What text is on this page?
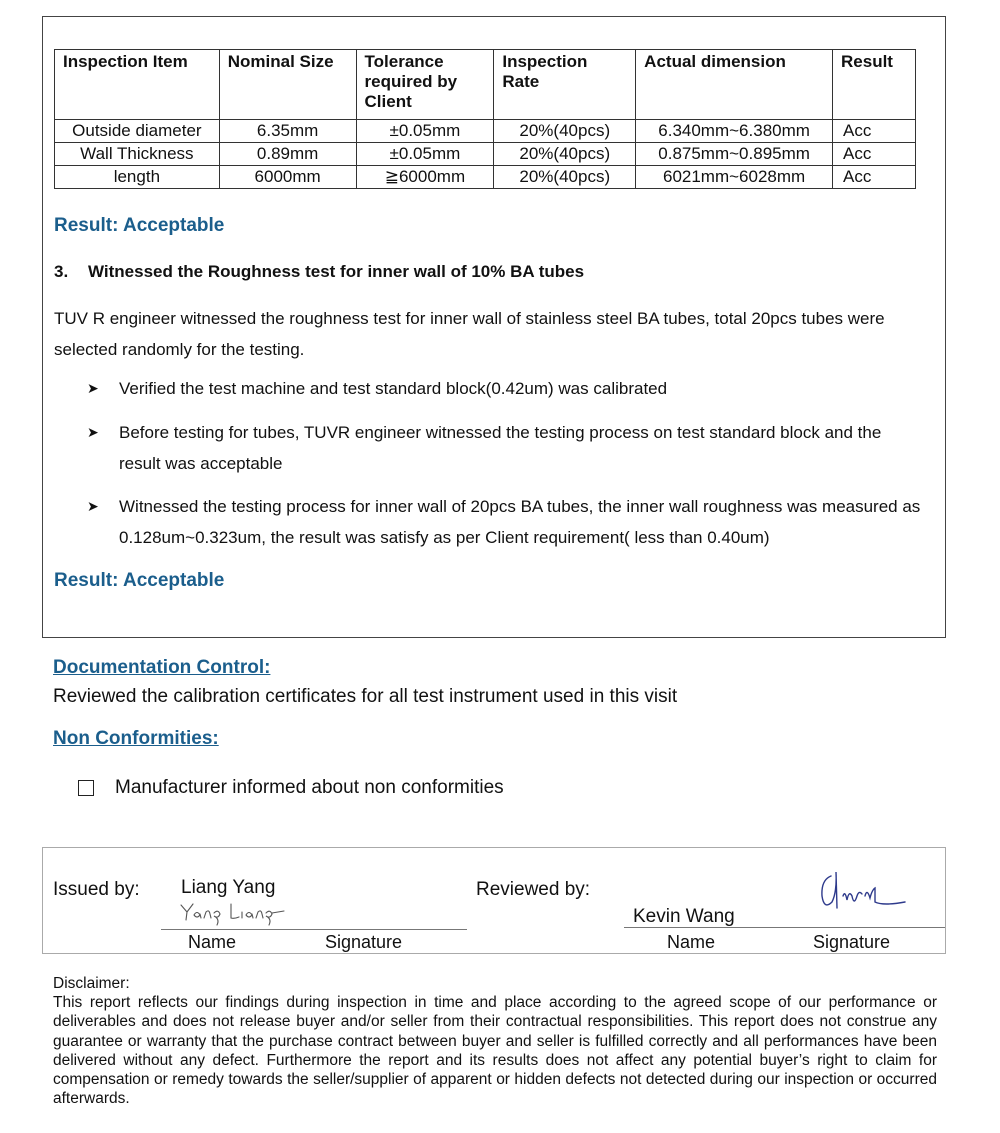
Inspection Item	Nominal Size	Tolerance required by Client	Inspection Rate	Actual dimension	Result
Outside diameter	6.35mm	±0.05mm	20%(40pcs)	6.340mm~6.380mm	Acc
Wall Thickness	0.89mm	±0.05mm	20%(40pcs)	0.875mm~0.895mm	Acc
length	6000mm	≧6000mm	20%(40pcs)	6021mm~6028mm	Acc
Result: Acceptable
3. Witnessed the Roughness test for inner wall of 10% BA tubes
TUV R engineer witnessed the roughness test for inner wall of stainless steel BA tubes, total 20pcs tubes were selected randomly for the testing.
➤ Verified the test machine and test standard block(0.42um) was calibrated
➤ Before testing for tubes, TUVR engineer witnessed the testing process on test standard block and the result was acceptable
➤ Witnessed the testing process for inner wall of 20pcs BA tubes, the inner wall roughness was measured as 0.128um~0.323um, the result was satisfy as per Client requirement( less than 0.40um)
Result: Acceptable
Documentation Control:
Reviewed the calibration certificates for all test instrument used in this visit
Non Conformities:
Manufacturer informed about non conformities
Issued by: Liang Yang
Name	Signature
Reviewed by:
Kevin Wang
Name	Signature
Disclaimer:
This report reflects our findings during inspection in time and place according to the agreed scope of our performance or deliverables and does not release buyer and/or seller from their contractual responsibilities. This report does not construe any guarantee or warranty that the purchase contract between buyer and seller is fulfilled correctly and all performances have been delivered without any defect. Furthermore the report and its results does not affect any potential buyer’s right to claim for compensation or remedy towards the seller/supplier of apparent or hidden defects not detected during our inspection or occurred afterwards.
